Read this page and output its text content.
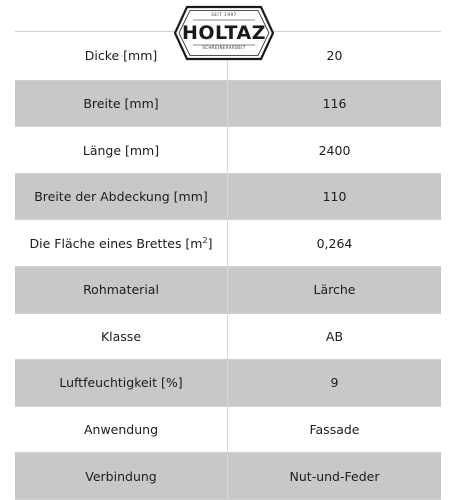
SEIT 1997
HOLTAZ
SCHREINERARBEIT
Dicke [mm]	20
Breite [mm]	116
Länge [mm]	2400
Breite der Abdeckung [mm]	110
Die Fläche eines Brettes $[m^2]$	0,264
Rohmaterial	Lärche
Klasse	AB
Luftfeuchtigkeit [%]	9
Anwendung	Fassade
Verbindung	Nut-und-Feder
